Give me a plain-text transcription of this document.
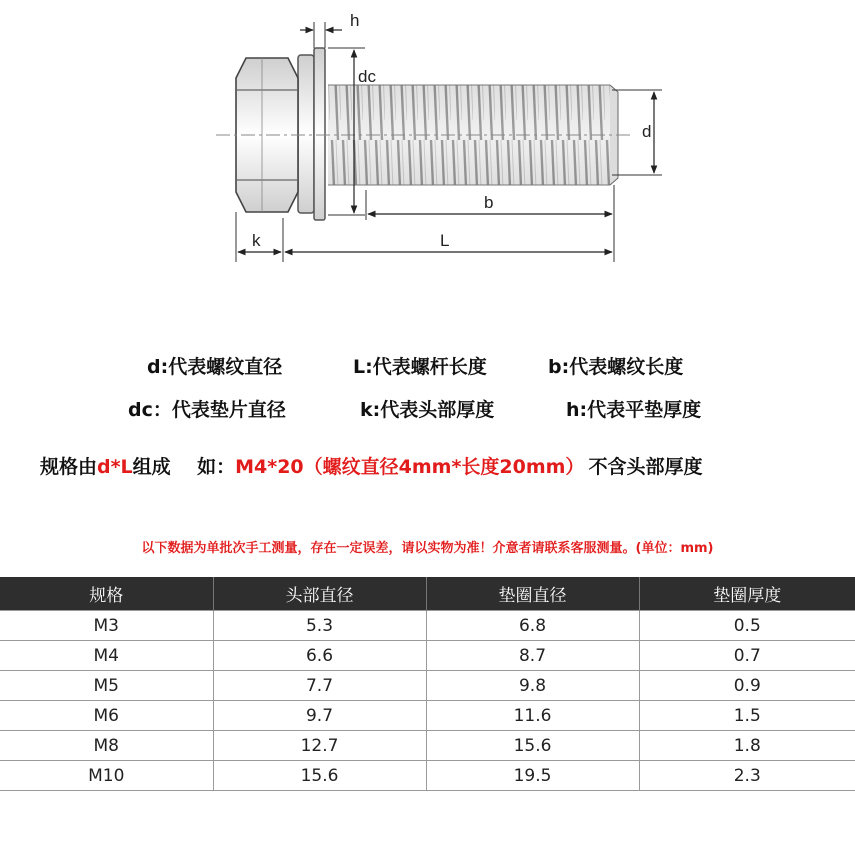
h
dc
d
b
k	L
d:代表螺纹直径	L:代表螺杆长度	b:代表螺纹长度
dc：代表垫片直径	k:代表头部厚度	h:代表平垫厚度
规格由d*L组成    如：M4*20（螺纹直径4mm*长度20mm） 不含头部厚度
以下数据为单批次手工测量，存在一定误差，请以实物为准！介意者请联系客服测量。(单位：mm)
规格	头部直径	垫圈直径	垫圈厚度
M3	5.3	6.8	0.5
M4	6.6	8.7	0.7
M5	7.7	9.8	0.9
M6	9.7	11.6	1.5
M8	12.7	15.6	1.8
M10	15.6	19.5	2.3
